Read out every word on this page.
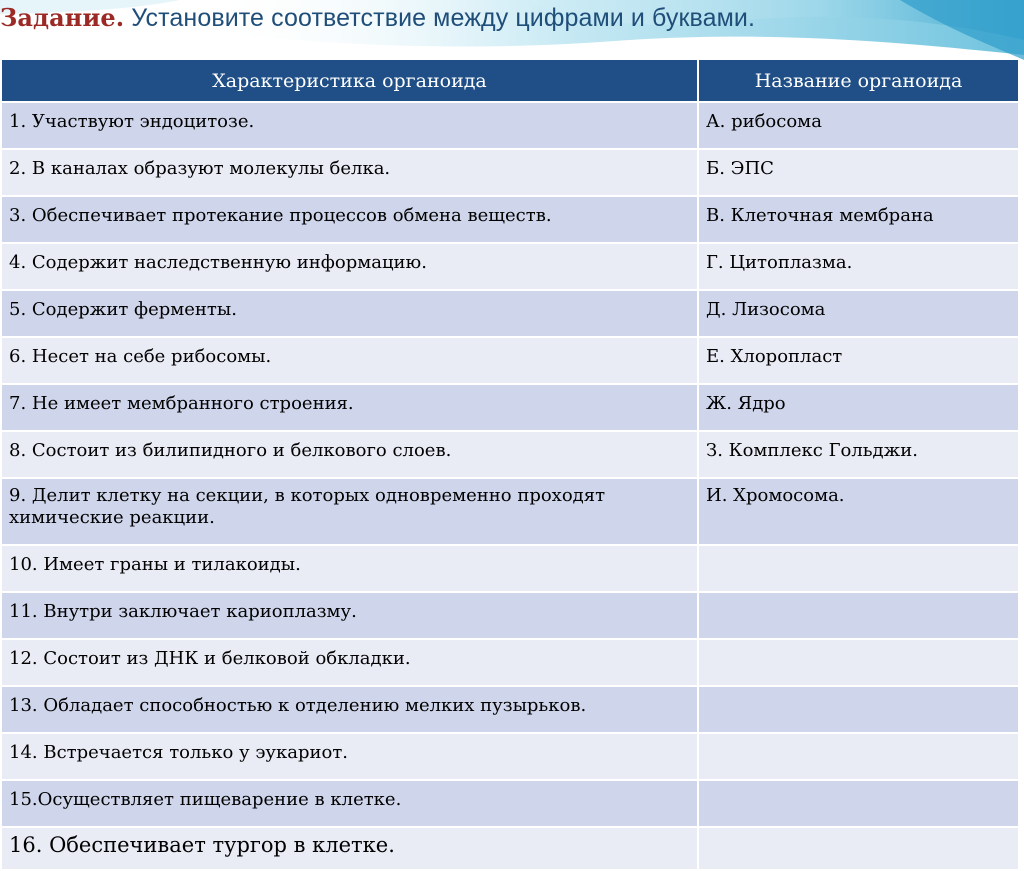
Задание. Установите соответствие между цифрами и буквами.
Характеристика органоида	Название органоида
1. Участвуют эндоцитозе.	А. рибосома
2. В каналах образуют молекулы белка.	Б. ЭПС
3. Обеспечивает протекание процессов обмена веществ.	В. Клеточная мембрана
4. Содержит наследственную информацию.	Г. Цитоплазма.
5. Содержит ферменты.	Д. Лизосома
6. Несет на себе рибосомы.	Е. Хлоропласт
7. Не имеет мембранного строения.	Ж. Ядро
8. Состоит из билипидного и белкового слоев.	З. Комплекс Гольджи.
9. Делит клетку на секции, в которых одновременно проходят химические реакции.	И. Хромосома.
10. Имеет граны и тилакоиды.	
11. Внутри заключает кариоплазму.	
12. Состоит из ДНК и белковой обкладки.	
13. Обладает способностью к отделению мелких пузырьков.	
14. Встречается только у эукариот.	
15.Осуществляет пищеварение в клетке.	
16. Обеспечивает тургор в клетке.	
